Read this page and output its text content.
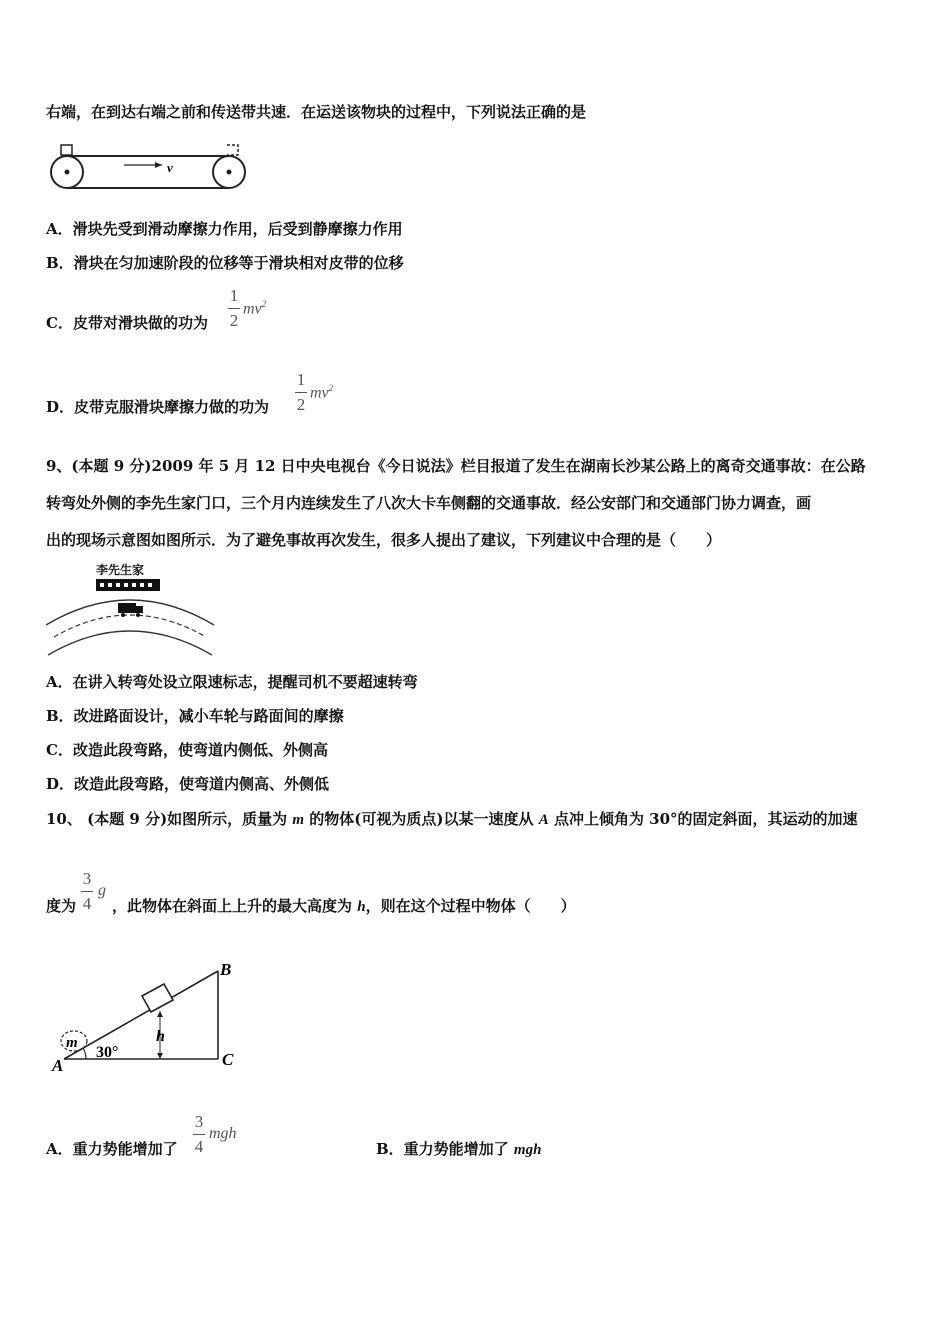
右端，在到达右端之前和传送带共速．在运送该物块的过程中，下列说法正确的是
v
A．滑块先受到滑动摩擦力作用，后受到静摩擦力作用
B．滑块在匀加速阶段的位移等于滑块相对皮带的位移
C．皮带对滑块做的功为
1
2
$mv^2$
D．皮带克服滑块摩擦力做的功为
1
2
$mv^2$
9、(本题 9 分)2009 年 5 月 12 日中央电视台《今日说法》栏目报道了发生在湖南长沙某公路上的离奇交通事故：在公路
转弯处外侧的李先生家门口，三个月内连续发生了八次大卡车侧翻的交通事故．经公安部门和交通部门协力调查，画
出的现场示意图如图所示．为了避免事故再次发生，很多人提出了建议，下列建议中合理的是（　　）
李先生家
A．在讲入转弯处设立限速标志，提醒司机不要超速转弯
B．改进路面设计，减小车轮与路面间的摩擦
C．改造此段弯路，使弯道内侧低、外侧高
D．改造此段弯路，使弯道内侧高、外侧低
10、 (本题 9 分)如图所示，质量为 m 的物体(可视为质点)以某一速度从 A 点冲上倾角为 30°的固定斜面，其运动的加速
度为
3
4
g
，此物体在斜面上上升的最大高度为 h，则在这个过程中物体（　　）
m
30°
h
A
B
C
A．重力势能增加了
3
4
mgh
B．重力势能增加了 mgh
